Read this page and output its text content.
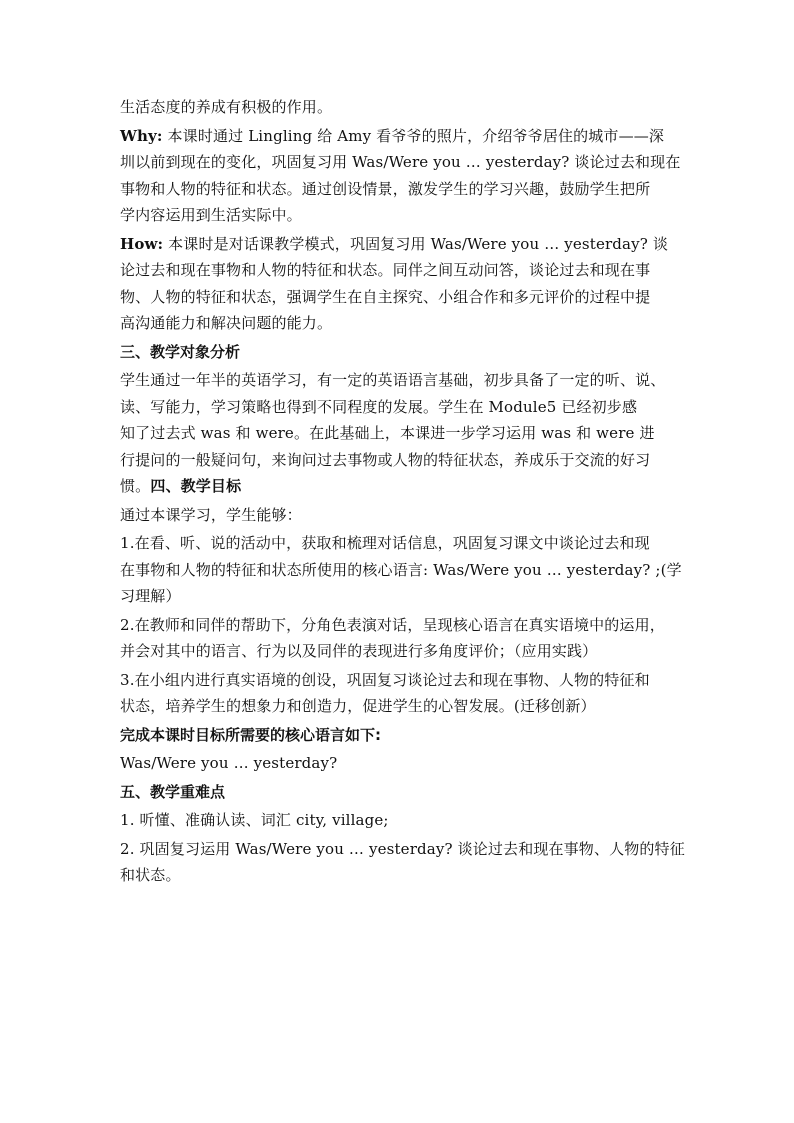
生活态度的养成有积极的作用。
Why: 本课时通过 Lingling 给 Amy 看爷爷的照片，介绍爷爷居住的城市——深
圳以前到现在的变化，巩固复习用 Was/Were you … yesterday? 谈论过去和现在
事物和人物的特征和状态。通过创设情景，激发学生的学习兴趣，鼓励学生把所
学内容运用到生活实际中。
How: 本课时是对话课教学模式，巩固复习用 Was/Were you … yesterday? 谈
论过去和现在事物和人物的特征和状态。同伴之间互动问答，谈论过去和现在事
物、人物的特征和状态，强调学生在自主探究、小组合作和多元评价的过程中提
高沟通能力和解决问题的能力。
三、教学对象分析
学生通过一年半的英语学习，有一定的英语语言基础，初步具备了一定的听、说、
读、写能力，学习策略也得到不同程度的发展。学生在 Module5 已经初步感
知了过去式 was 和 were。在此基础上，本课进一步学习运用 was 和 were 进
行提问的一般疑问句，来询问过去事物或人物的特征状态，养成乐于交流的好习
惯。四、教学目标
通过本课学习，学生能够：
1.在看、听、说的活动中，获取和梳理对话信息，巩固复习课文中谈论过去和现
在事物和人物的特征和状态所使用的核心语言: Was/Were you … yesterday? ;(学
习理解）
2.在教师和同伴的帮助下，分角色表演对话，呈现核心语言在真实语境中的运用，
并会对其中的语言、行为以及同伴的表现进行多角度评价；（应用实践）
3.在小组内进行真实语境的创设，巩固复习谈论过去和现在事物、人物的特征和
状态，培养学生的想象力和创造力，促进学生的心智发展。(迁移创新）
完成本课时目标所需要的核心语言如下:
Was/Were you … yesterday?
五、教学重难点
1. 听懂、准确认读、词汇 city, village;
2. 巩固复习运用 Was/Were you … yesterday? 谈论过去和现在事物、人物的特征
和状态。
